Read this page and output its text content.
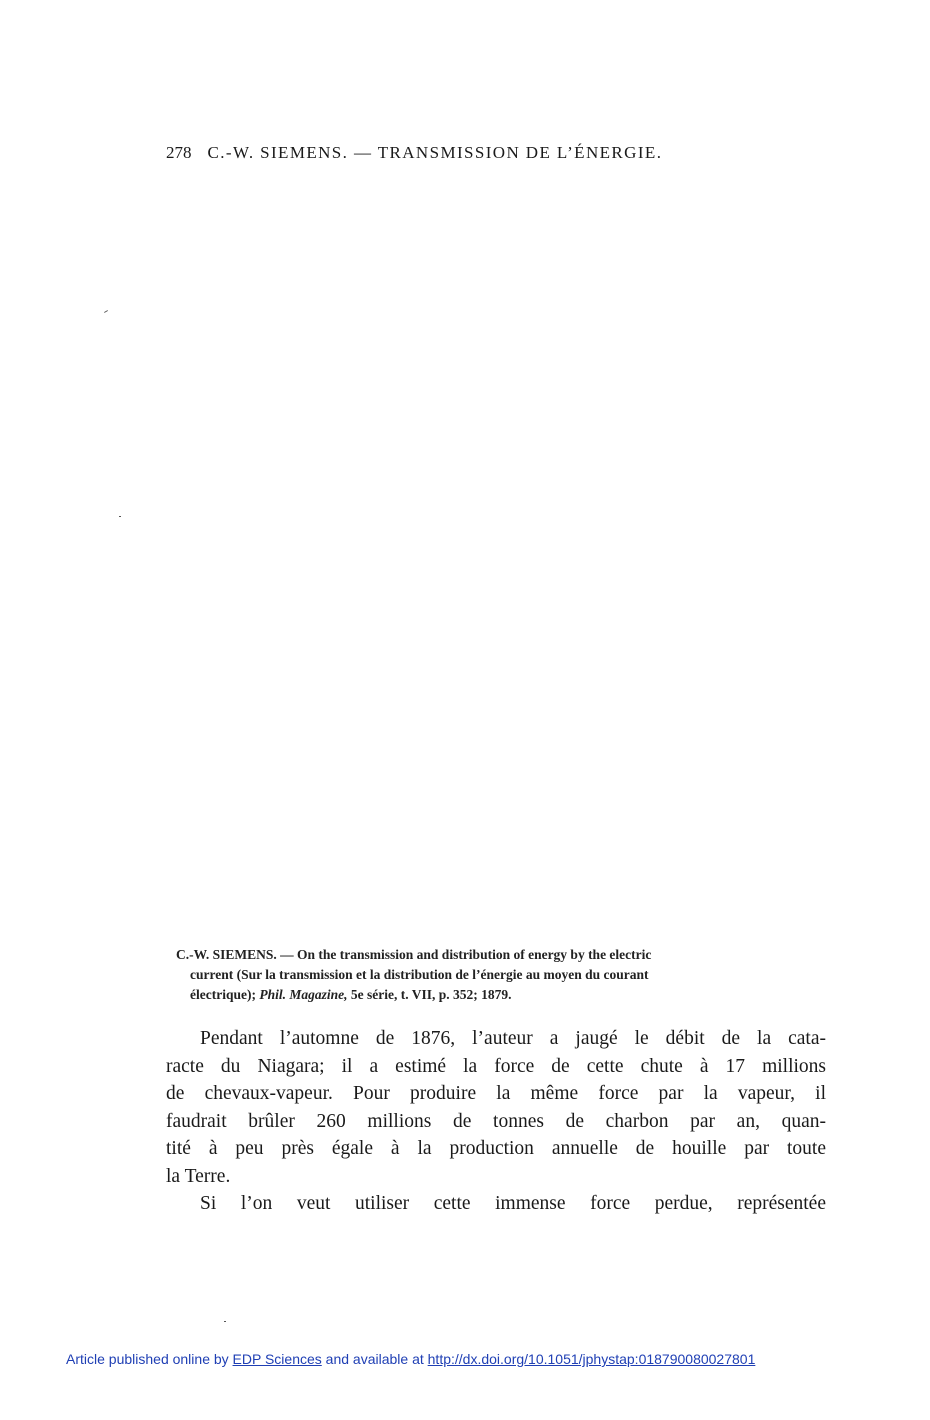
278 C.-W. SIEMENS. — TRANSMISSION DE L’ÉNERGIE.
C.-W. SIEMENS. — On the transmission and distribution of energy by the electric
current (Sur la transmission et la distribution de l’énergie au moyen du courant
électrique); Phil. Magazine, 5e série, t. VII, p. 352; 1879.
Pendant l’automne de 1876, l’auteur a jaugé le débit de la cata-
racte du Niagara; il a estimé la force de cette chute à 17 millions
de chevaux-vapeur. Pour produire la même force par la vapeur, il
faudrait brûler 260 millions de tonnes de charbon par an, quan-
tité à peu près égale à la production annuelle de houille par toute
la Terre.
Si l’on veut utiliser cette immense force perdue, représentée
Article published online by EDP Sciences and available at http://dx.doi.org/10.1051/jphystap:018790080027801
